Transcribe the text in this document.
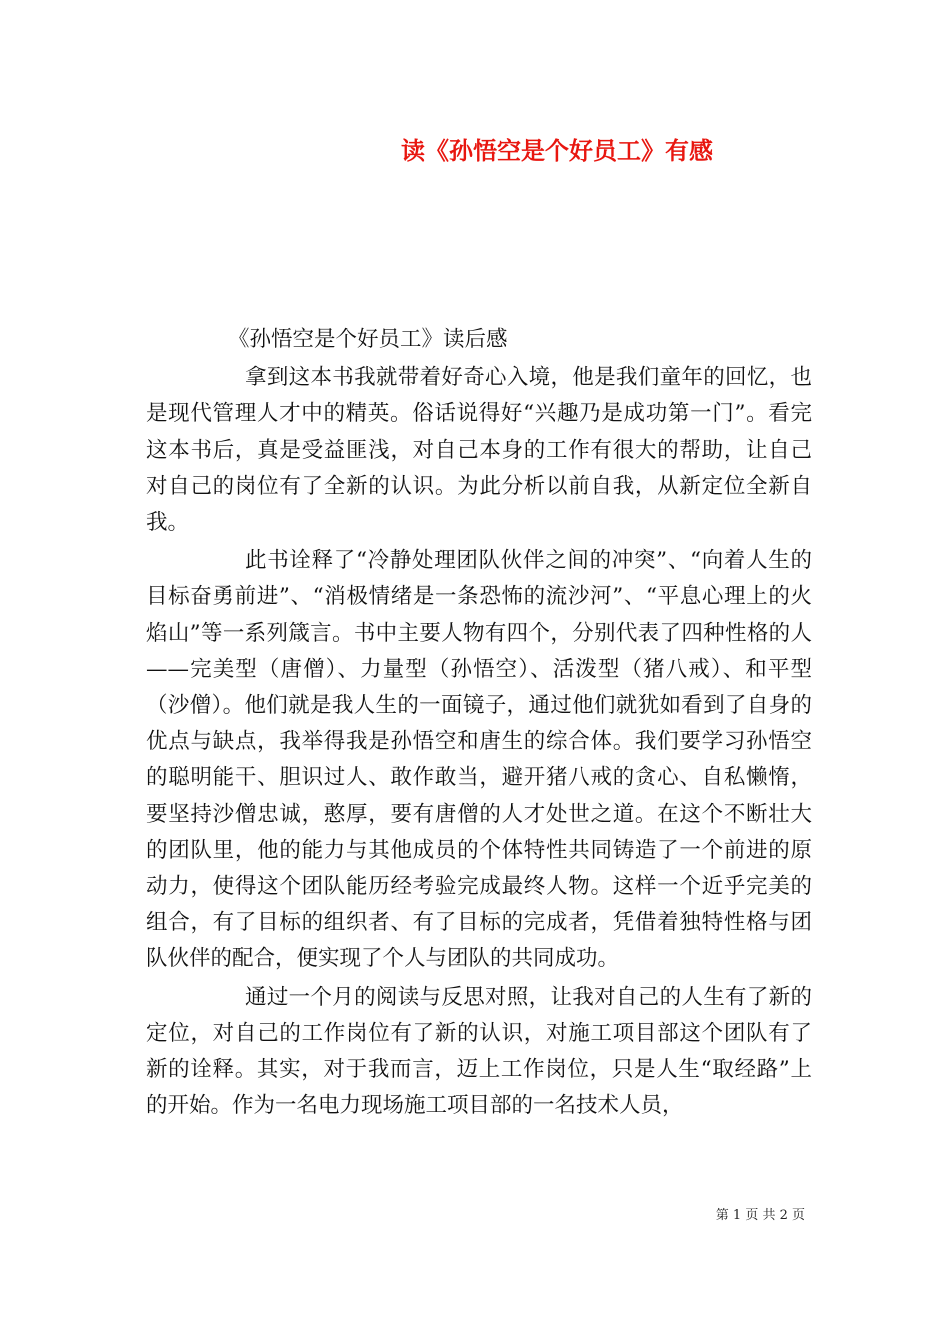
读《孙悟空是个好员工》有感

《孙悟空是个好员工》读后感

拿到这本书我就带着好奇心入境，他是我们童年的回忆，也是现代管理人才中的精英。俗话说得好“兴趣乃是成功第一门”。看完这本书后，真是受益匪浅，对自己本身的工作有很大的帮助，让自己对自己的岗位有了全新的认识。为此分析以前自我，从新定位全新自我。

此书诠释了“冷静处理团队伙伴之间的冲突”、“向着人生的目标奋勇前进”、“消极情绪是一条恐怖的流沙河”、“平息心理上的火焰山”等一系列箴言。书中主要人物有四个，分别代表了四种性格的人——完美型（唐僧）、力量型（孙悟空）、活泼型（猪八戒）、和平型（沙僧）。他们就是我人生的一面镜子，通过他们就犹如看到了自身的优点与缺点，我举得我是孙悟空和唐生的综合体。我们要学习孙悟空的聪明能干、胆识过人、敢作敢当，避开猪八戒的贪心、自私懒惰，要坚持沙僧忠诚，憨厚，要有唐僧的人才处世之道。在这个不断壮大的团队里，他的能力与其他成员的个体特性共同铸造了一个前进的原动力，使得这个团队能历经考验完成最终人物。这样一个近乎完美的组合，有了目标的组织者、有了目标的完成者，凭借着独特性格与团队伙伴的配合，便实现了个人与团队的共同成功。

通过一个月的阅读与反思对照，让我对自己的人生有了新的定位，对自己的工作岗位有了新的认识，对施工项目部这个团队有了新的诠释。其实，对于我而言，迈上工作岗位，只是人生“取经路”上的开始。作为一名电力现场施工项目部的一名技术人员，

第 1 页 共 2 页
